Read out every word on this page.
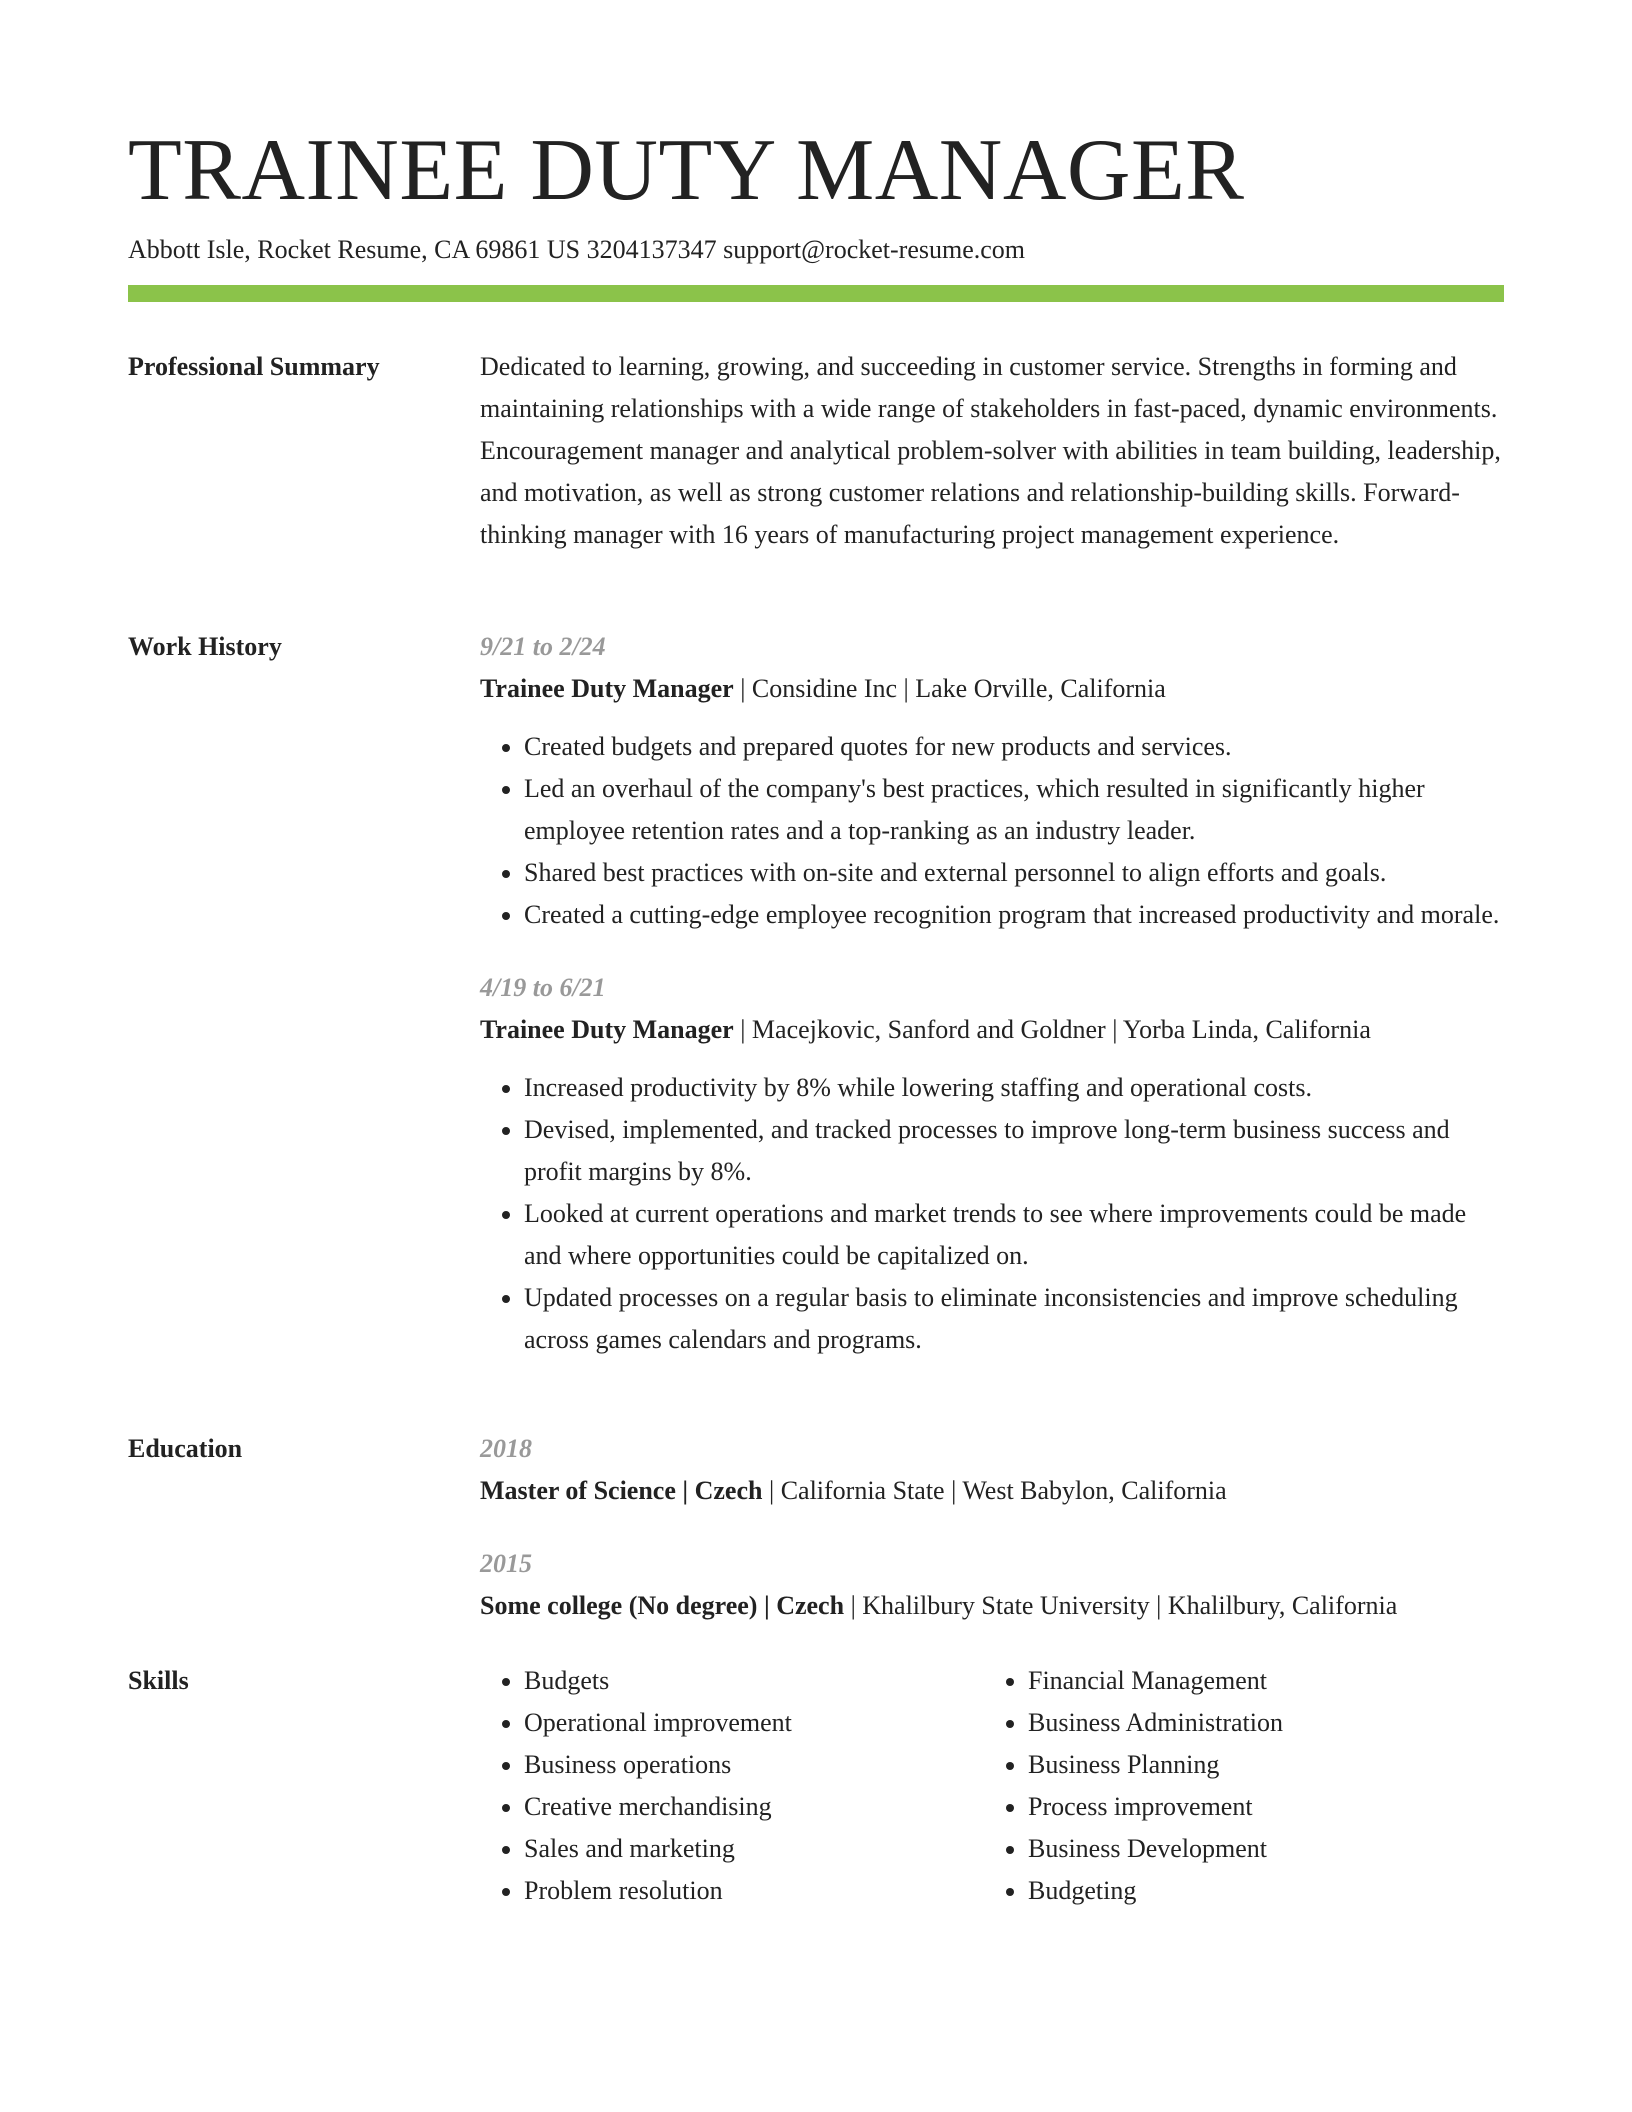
TRAINEE DUTY MANAGER
Abbott Isle, Rocket Resume, CA 69861 US 3204137347 support@rocket-resume.com
Professional Summary	Dedicated to learning, growing, and succeeding in customer service. Strengths in forming and maintaining relationships with a wide range of stakeholders in fast-paced, dynamic environments. Encouragement manager and analytical problem-solver with abilities in team building, leadership, and motivation, as well as strong customer relations and relationship-building skills. Forward-thinking manager with 16 years of manufacturing project management experience.

Work History	9/21 to 2/24
Trainee Duty Manager | Considine Inc | Lake Orville, California
• Created budgets and prepared quotes for new products and services.
• Led an overhaul of the company's best practices, which resulted in significantly higher employee retention rates and a top-ranking as an industry leader.
• Shared best practices with on-site and external personnel to align efforts and goals.
• Created a cutting-edge employee recognition program that increased productivity and morale.
4/19 to 6/21
Trainee Duty Manager | Macejkovic, Sanford and Goldner | Yorba Linda, California
• Increased productivity by 8% while lowering staffing and operational costs.
• Devised, implemented, and tracked processes to improve long-term business success and profit margins by 8%.
• Looked at current operations and market trends to see where improvements could be made and where opportunities could be capitalized on.
• Updated processes on a regular basis to eliminate inconsistencies and improve scheduling across games calendars and programs.
Education	2018
Master of Science | Czech | California State | West Babylon, California
2015
Some college (No degree) | Czech | Khalilbury State University | Khalilbury, California
Skills
•	Budgets
• Operational improvement
• Business operations
• Creative merchandising
• Sales and marketing
• Problem resolution
• Financial Management
• Business Administration
• Business Planning
• Process improvement
• Business Development
• Budgeting
